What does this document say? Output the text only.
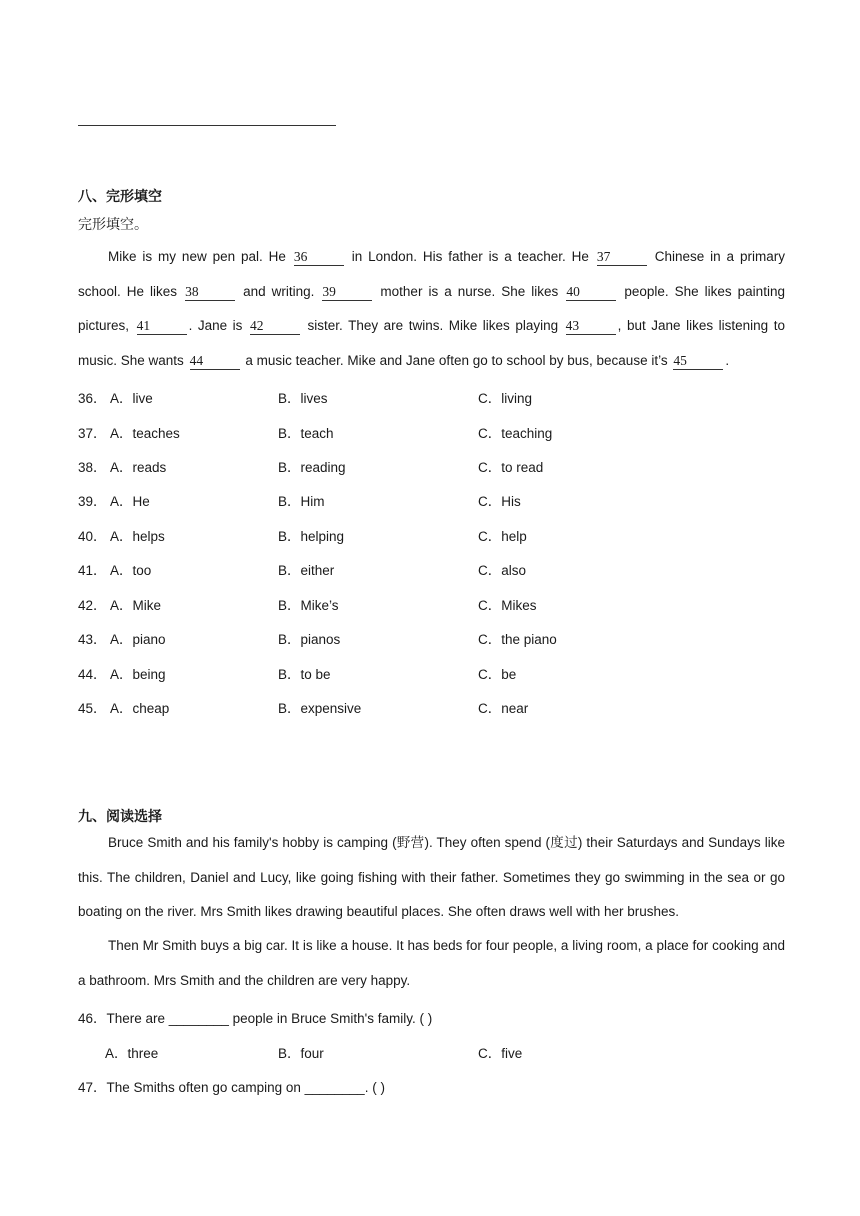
八、完形填空
完形填空。
Mike is my new pen pal. He 36	in London. His father is a teacher. He 37	Chinese in a primary school. He likes 38	and writing. 39	mother is a nurse. She likes 40	people. She likes painting pictures, 41	. Jane is 42	sister. They are twins. Mike likes playing 43	, but Jane likes listening to music. She wants 44	a music teacher. Mike and Jane often go to school by bus, because it’s 45	.
36． A．live	B．lives	C．living
37． A．teaches	B．teach	C．teaching
38． A．reads	B．reading	C．to read
39． A．He	B．Him	C．His
40． A．helps	B．helping	C．help
41． A．too	B．either	C．also
42． A．Mike	B．Mike’s	C．Mikes
43． A．piano	B．pianos	C．the piano
44． A．being	B．to be	C．be
45． A．cheap	B．expensive	C．near
九、阅读选择
Bruce Smith and his family's hobby is camping (野营). They often spend (度过) their Saturdays and Sundays like this. The children, Daniel and Lucy, like going fishing with their father. Sometimes they go swimming in the sea or go boating on the river. Mrs Smith likes drawing beautiful places. She often draws well with her brushes.
Then Mr Smith buys a big car. It is like a house. It has beds for four people, a living room, a place for cooking and a bathroom. Mrs Smith and the children are very happy.
46．There are ________ people in Bruce Smith's family. ( )
A．three	B．four	C．five
47．The Smiths often go camping on ________. ( )
